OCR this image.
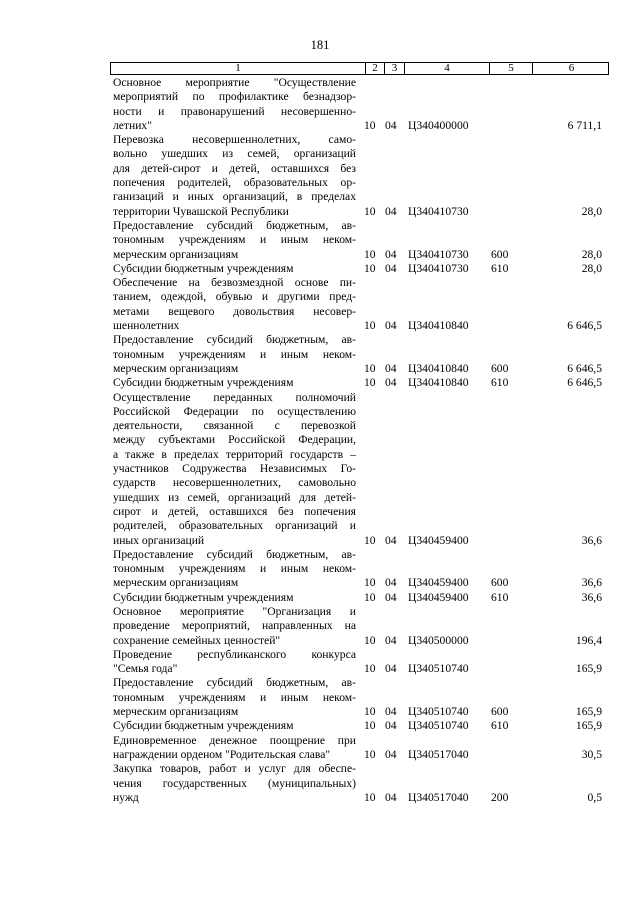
181
1	2	3	4	5	6
Основное мероприятие "Осуществление
мероприятий по профилактике безнадзор-
ности и правонарушений несовершенно-
летних"	10 04 Ц340400000	6 711,1
Перевозка несовершеннолетних, само-
вольно ушедших из семей, организаций
для детей-сирот и детей, оставшихся без
попечения родителей, образовательных ор-
ганизаций и иных организаций, в пределах
территории Чувашской Республики	10 04 Ц340410730	28,0
Предоставление субсидий бюджетным, ав-
тономным учреждениям и иным неком-
мерческим организациям	10 04 Ц340410730 600	28,0
Субсидии бюджетным учреждениям	10 04 Ц340410730 610	28,0
Обеспечение на безвозмездной основе пи-
танием, одеждой, обувью и другими пред-
метами вещевого довольствия несовер-
шеннолетних	10 04 Ц340410840	6 646,5
Предоставление субсидий бюджетным, ав-
тономным учреждениям и иным неком-
мерческим организациям	10 04 Ц340410840 600	6 646,5
Субсидии бюджетным учреждениям	10 04 Ц340410840 610	6 646,5
Осуществление переданных полномочий
Российской Федерации по осуществлению
деятельности, связанной с перевозкой
между субъектами Российской Федерации,
а также в пределах территорий государств –
участников Содружества Независимых Го-
сударств несовершеннолетних, самовольно
ушедших из семей, организаций для детей-
сирот и детей, оставшихся без попечения
родителей, образовательных организаций и
иных организаций	10 04 Ц340459400	36,6
Предоставление субсидий бюджетным, ав-
тономным учреждениям и иным неком-
мерческим организациям	10 04 Ц340459400 600	36,6
Субсидии бюджетным учреждениям	10 04 Ц340459400 610	36,6
Основное мероприятие "Организация и
проведение мероприятий, направленных на
сохранение семейных ценностей"	10 04 Ц340500000	196,4
Проведение республиканского конкурса
"Семья года"	10 04 Ц340510740	165,9
Предоставление субсидий бюджетным, ав-
тономным учреждениям и иным неком-
мерческим организациям	10 04 Ц340510740 600	165,9
Субсидии бюджетным учреждениям	10 04 Ц340510740 610	165,9
Единовременное денежное поощрение при
награждении орденом "Родительская слава"	10 04 Ц340517040	30,5
Закупка товаров, работ и услуг для обеспе-
чения государственных (муниципальных)
нужд	10 04 Ц340517040 200	0,5
